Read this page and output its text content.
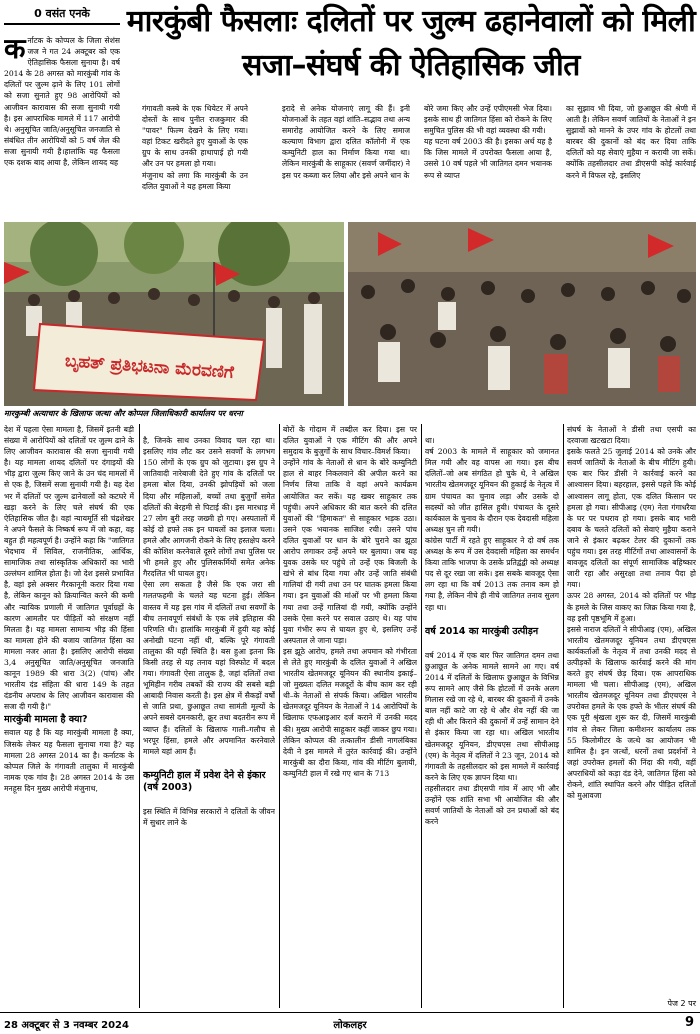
0 वसंत एनके	मारकुंबी फैसलाः दलितों पर जुल्म ढहानेवालों को मिली सजा–संघर्ष की ऐतिहासिक जीत
क र्नाटक के कोप्पल के जिला सेशंस जज ने गत 24 अक्टूबर को एक ऐतिहासिक फैसला सुनाया है। वर्ष 2014 के 28 अगस्त को मारकुंबी गांव के दलितों पर जुल्म ढ़ाने के लिए 101 लोगों को सजा सुनाते हुए 98 आरोपियों को आजीवन कारावास की सजा सुनायी गयी है। इस आपराधिक मामले में 117 आरोपी थे। अनुसूचित जाति/अनुसूचित जनजाति से संबंधित तीन आरोपियों को 5 वर्ष जेल की सजा सुनायी गयी है।हालांकि यह फैसला एक दशक बाद आया है, लेकिन शायद यह
गंगावती कस्बे के एक थियेटर में अपने दोस्तों के साथ पुनीत राजकुमार की "पावर" फिल्म देखने के लिए गया। वहां टिकट खरीदते हुए युवाओं के एक ग्रुप के साथ उनकी हाथापाई हो गयी और उन पर हमला हो गया।
मंजुनाथ को लगा कि मारकुंबी के उन दलित युवाओं ने यह हमला किया
इरादे से अनेक योजनाएं लागू की हैं। इनी योजनाओं के तहत वहां शांति–सद्भाव तथा अन्य समारोह आयोजित करने के लिए समाज कल्याण विभाग द्वारा दलित कॉलोनी में एक कम्युनिटी हाल का निर्माण किया गया था। लेकिन मारकुंबी के साहूकार (सवर्ण जमींदार) ने इस पर कब्जा कर लिया और इसे अपने धान के
बोरे जमा किए और उन्हें एपीएमसी भेज दिया। इसके साथ ही जातिगत हिंसा को रोकने के लिए समुचित पुलिस की भी वहां व्यवस्था की गयी।
यह घटना वर्ष 2003 की है। इसका अर्थ यह है कि जिस मामले में उपरोक्त फैसला आया है, उससे 10 वर्ष पहले भी जातिगत दमन भयानक रूप से व्याप्त
का सुझाव भी दिया, जो छुआछूत की श्रेणी में आती है। लेकिन सवर्ण जातियों के नेताओं ने इन सुझावों को मानने के उपर गांव के होटलों तथा बारबर की दुकानों को बंद कर दिया ताकि दलितों को यह सेवाएं मुहैया न करायी जा सकें। क्योंकि तहसीलदार तथा डीएसपी कोई कार्रवाई करने में विफल रहे, इसलिए
ಬೃಹತ್ ಪ್ರತಿಭಟನಾ ಮೆರವಣಿಗೆ
मारकुम्बी अत्याचार के खिलाफ जत्था और कोप्पल जिलाधिकारी कार्यालय पर धरना

देश में पहला ऐसा मामला है, जिसमें इतनी बड़ी संख्या में आरोपियों को दलितों पर जुल्म ढाने के लिए आजीवन कारावास की सजा सुनायी गयी है। यह मामला शायद दलितों पर दंगाइयों की भीड़ द्वारा जुल्म किए जाने के उन चंद मामलों में से एक है, जिसमें सजा सुनायी गयी है। यह देश भर में दलितों पर जुल्म ढानेवालों को कटघरे में खड़ा करने के लिए चले संघर्ष की एक ऐतिहासिक जीत है। वहां न्यायमूर्ति सी चंद्रशेखर ने अपने फैसले के निष्कर्ष रूप में जो कहा, वह बहुत ही महत्वपूर्ण है। उन्होंने कहा कि "जातिगत भेदभाव में सिविल, राजनीतिक, आर्थिक, सामाजिक तथा सांस्कृतिक अधिकारों का भारी उल्लंघन शामिल होता है। जो देश इससे प्रभावित है, वहां इसे अक्सर गैरकानूनी करार दिया गया है, लेकिन कानून को क्रियान्वित करने की कमी और न्यायिक प्रणाली में जातिगत पूर्वाग्रहों के कारण आमतौर पर पीड़ितों को संरक्षण नहीं मिलता है। यह मामला सामान्य भीड़ की हिंसा का मामला होने की बजाय जातिगत हिंसा का मामला नजर आता है। इसलिए आरोपी संख्या 3,4 अनुसूचित जाति/अनुसूचित जनजाति कानून 1989 की धारा 3(2) (पांच) और भारतीय दंड संहिता की धारा 149 के तहत दंडनीय अपराध के लिए आजीवन कारावास की सजा दी गयी है।"

मारकुंबी मामला है क्या?

सवाल यह है कि यह मारकुंबी मामला है क्या, जिसके लेकर यह फैसला सुनाया गया है? यह मामला 28 अगस्त 2014 का है। कर्नाटक के कोप्पल जिले के गंगावती तालुका में मारकुंबी नामक एक गांव है। 28 अगस्त 2014 के उस मनहूस दिन मुख्य आरोपी मंजुनाथ,

है, जिनके साथ उनका विवाद चल रहा था। इसलिए गांव लौट कर उसने सवर्णों के लगभग 150 लोगों के एक ग्रुप को जुटाया। इस ग्रुप ने जातिवादी नारेबाजी देते हुए गांव के दलितों पर हमला बोल दिया, उनकी झोपड़ियों को जला दिया और महिलाओं, बच्चों तथा बुजुर्गों समेत दलितों की बेरहमी से पिटाई की। इस मारधाड़ में 27 लोग बुरी तरह जख्मी हो गए। अस्पतालों में कोई दो हफ्ते तक इन घायलों का इलाज चला। हमले और आगजनी रोकने के लिए हस्तक्षेप करने की कोशिश करनेवाले दूसरे लोगों तथा पुलिस पर भी हमले हुए और पुलिसकर्मियों समेत अनेक गैरदलित भी घायल हुए।
ऐसा लग सकता है जैसे कि एक जरा सी गलतफहमी के चलते यह घटना हुई। लेकिन वास्तव में यह इस गांव में दलितों तथा सवर्णों के बीच तनावपूर्ण संबंधों के एक लंबे इतिहास की परिणति थी। हालांकि मारकुंबी में हुयी यह कोई अनोखी घटना नहीं थी, बल्कि पूरे गंगावती तालुका की यही स्थिति है। बस हुआ इतना कि किसी तरह से यह तनाव यहां विस्फोट में बदल गया। गंगावती ऐसा तालुक है, जहां दलितों तथा भूमिहीन गरीब तबकों की राज्य की सबसे बड़ी आबादी निवास करती है। इस क्षेत्र में सैकड़ों वर्षों से जाति प्रथा, छुआछूत तथा सामंती मूल्यों के अपने सबसे दमनकारी, क्रूर तथा बदतरीन रूप में व्याप्त हैं। दलितों के खिलाफ गाली–गलौच से भरपूर हिंसा, हमले और अपमानित करनेवाले मामले यहां आम हैं।

कम्युनिटी हाल में प्रवेश देने से इंकार (वर्ष 2003)

इस स्थिति में विभिन्न सरकारों ने दलितों के जीवन में सुधार लाने के

बोरों के गोदाम में तब्दील कर दिया। इस पर दलित युवाओं ने एक मीटिंग की और अपने समुदाय के बुजुर्गों के साथ विचार–विमर्श किया।
उन्होंने गांव के नेताओं से धान के बोरे कम्युनिटी हाल से बाहर निकलवाने की अपील करने का निर्णय लिया ताकि वे वहां अपने कार्यक्रम आयोजित कर सकें। यह खबर साहूकार तक पहुंची। अपने अधिकार की बात करने की दलित युवाओं की "हिमाकत" से साहूकार भड़क उठा। उसने एक भयानक साजिश रची। उसने पांच दलित युवाओं पर धान के बोरे चुराने का झूठा आरोप लगाकर उन्हें अपने घर बुलाया। जब यह युवक उसके घर पहुंचे तो उन्हें एक बिजली के खंभे से बांध दिया गया और उन्हें जाति संबंधी गालियां दी गयी तथा उन पर घातक हमला किया गया। इन युवाओं की मांओं पर भी हमला किया गया तथा उन्हें गालियां दी गयी, क्योंकि उन्होंने उसके ऐसा करने पर सवाल उठाए थे। यह पांच युवा गंभीर रूप से घायल हुए थे, इसलिए उन्हें अस्पताल ले जाना पड़ा।
इस झूठे आरोप, हमले तथा अपमान को गंभीरता से लेते हुए मारकुंबी के दलित युवाओं ने अखिल भारतीय खेतमजदूर यूनियन की स्थानीय इकाई–जो मुख्यतः दलित मजदूरों के बीच काम कर रही थी–के नेताओं से संपर्क किया। अखिल भारतीय खेतमजदूर यूनियन के नेताओं ने 14 आरोपियों के खिलाफ एफआइआर दर्ज कराने में उनकी मदद की। मुख्य आरोपी साहूकार कहीं जाकर छुप गया। लेकिन कोप्पल की तत्कालीन डीसी नागलंबिका देवी ने इस मामले में तुरंत कार्रवाई की। उन्होंने मारकुंबी का दौरा किया, गांव की मीटिंग बुलायी, कम्युनिटी हाल में रखे गए धान के 713

था।
वर्ष 2003 के मामले में साहूकार को जमानत मिल गयी और वह वापस आ गया। इस बीच दलितों–जो अब संगठित हो चुके थे, ने अखिल भारतीय खेतमजदूर यूनियन की हुकाई के नेतृत्व में ग्राम पंचायत का चुनाव लड़ा और उसके दो सदस्यों को जीत हासिल हुयी। पंचायत के दूसरे कार्यकाल के चुनाव के दौरान एक देवदासी महिला अध्यक्ष चुन ली गयी।
कांग्रेस पार्टी में रहते हुए साहूकार ने दो वर्ष तक अध्यक्ष के रूप में उस देवदासी महिला का समर्थन किया ताकि भाजपा के उसके प्रतिद्वंद्वी को अध्यक्ष पद से दूर रखा जा सके। इस सबके बावजूद ऐसा लग रहा था कि वर्ष 2013 तक तनाव कम हो गया है, लेकिन नीचे ही नीचे जातिगत तनाव सुलग रहा था।

वर्ष 2014 का मारकुंबी उत्पीड़न

वर्ष 2014 में एक बार फिर जातिगत दमन तथा छुआछूत के अनेक मामले सामने आ गए। वर्ष 2014 में दलितों के खिलाफ छुआछूत के विभिन्न रूप सामने आए जैसे कि होटलों में उनके अलग गिलास रखे जा रहे थे, बारबर की दुकानों में उनके बाल नहीं काटे जा रहे थे और शेव नहीं की जा रही थी और किराने की दुकानों में उन्हें सामान देने से इंकार किया जा रहा था। अखिल भारतीय खेतमजदूर यूनियन, डीएचएस तथा सीपीआइ (एम) के नेतृत्व में दलितों ने 23 जून, 2014 को गंगावती के तहसीलदार को इस मामले में कार्रवाई करने के लिए एक ज्ञापन दिया था।
तहसीलदार तथा डीएसपी गांव में आए भी और उन्होंने एक शांति सभा भी आयोजित की और सवर्ण जातियों के नेताओं को उन प्रथाओं को बंद करने

संघर्ष के नेताओं ने डीसी तथा एसपी का दरवाजा खटखटा दिया।
इसके फलते 25 जुलाई 2014 को उनके और सवर्ण जातियों के नेताओं के बीच मीटिंग हुयी। एक बार फिर डीसी ने कार्रवाई करने का आश्वासन दिया। बहरहाल, इससे पहले कि कोई आश्वासन लागू होता, एक दलित किसान पर हमला हो गया। सीपीआइ (एम) नेता गंगाधरैया के घर पर पथराव हो गया। इसके बाद भारी दबाव के चलते दलितों को सेवाएं मुहैया कराने जाने से इंकार बढ़कर टेलर की दुकानों तक पहुंच गया। इस तरह मीटिंगों तथा आश्वासनों के बावजूद दलितों का संपूर्ण सामाजिक बहिष्कार जारी रहा और असुरक्षा तथा तनाव पैदा हो गया।
ऊपर 28 अगस्त, 2014 को दलितों पर भीड़ के हमले के जिस वाकए का जिक्र किया गया है, वह इसी पृष्ठभूमि में हुआ।
इससे नाराज दलितों ने सीपीआइ (एम), अखिल भारतीय खेतमजदूर यूनियन तथा डीएचएस कार्यकर्ताओं के नेतृत्व में तथा उनकी मदद से उत्पीड़कों के खिलाफ कार्रवाई करने की मांग करते हुए संघर्ष छेड़ दिया। एक आपराधिक मामला भी चला। सीपीआइ (एम), अखिल भारतीय खेतमजदूर यूनियन तथा डीएचएस ने उपरोक्त हमले के एक हफ्ते के भीतर संघर्ष की एक पूरी श्रृंखला शुरू कर दी, जिसमें मारकुंबी गांव से लेकर जिला कमीशनर कार्यालय तक 55 किलोमीटर के जत्थे का आयोजन भी शामिल है। इन जत्थों, धरनों तथा प्रदर्शनों ने जहां उपरोक्त हमलों की निंदा की गयी, वहीं अपराधियों को कड़ा दंड देने, जातिगत हिंसा को रोकने, शांति स्थापित करने और पीड़ित दलितों को मुआवजा
पेज 2 पर
28 अक्टूबर से 3 नवम्बर 2024	लोकलहर	9
